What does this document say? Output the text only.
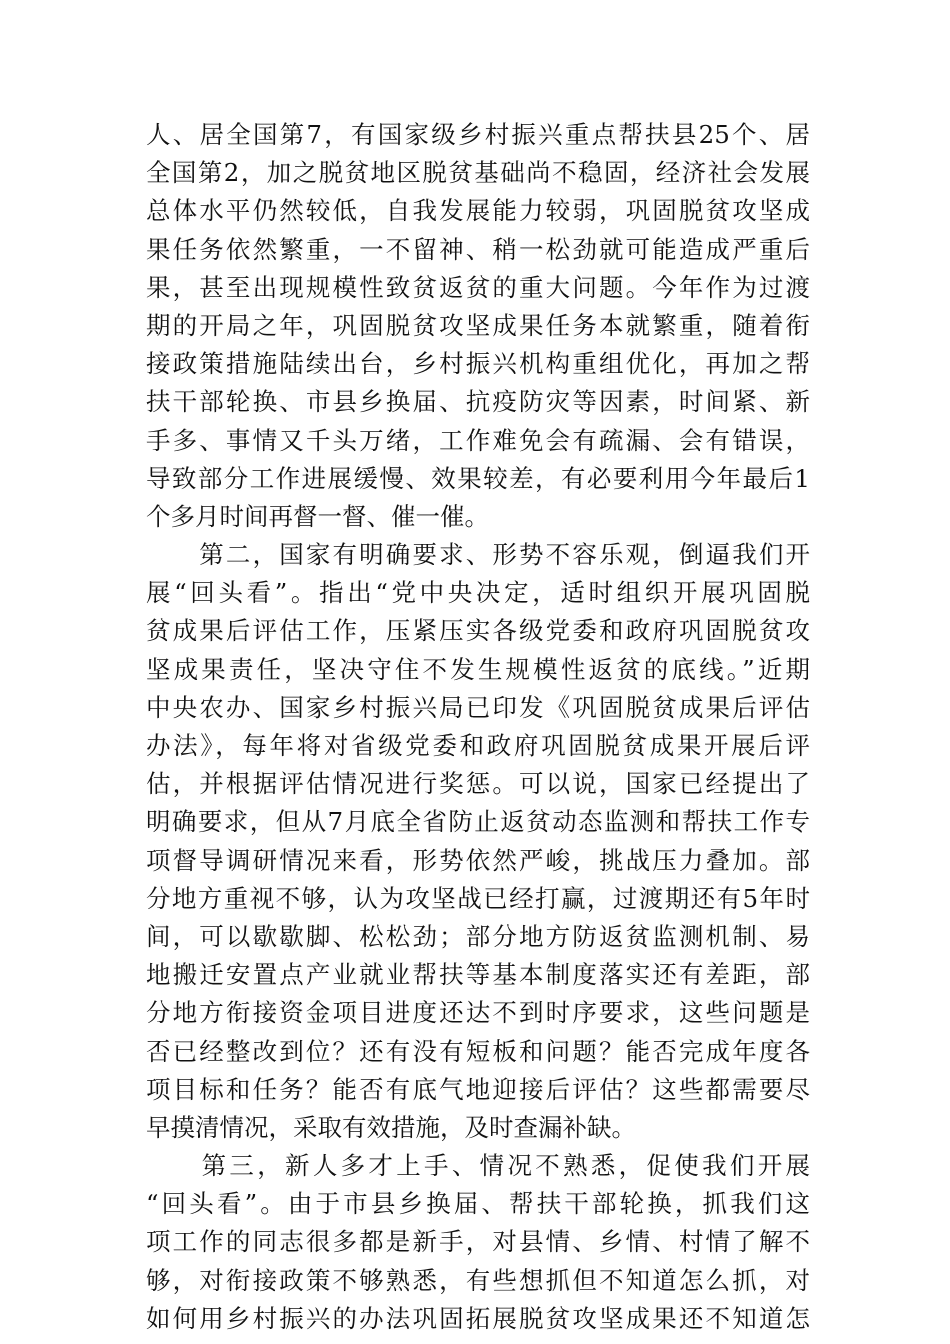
人、居全国第7，有国家级乡村振兴重点帮扶县25个、居
全国第2，加之脱贫地区脱贫基础尚不稳固，经济社会发展
总体水平仍然较低，自我发展能力较弱，巩固脱贫攻坚成
果任务依然繁重，一不留神、稍一松劲就可能造成严重后
果，甚至出现规模性致贫返贫的重大问题。今年作为过渡
期的开局之年，巩固脱贫攻坚成果任务本就繁重，随着衔
接政策措施陆续出台，乡村振兴机构重组优化，再加之帮
扶干部轮换、市县乡换届、抗疫防灾等因素，时间紧、新
手多、事情又千头万绪，工作难免会有疏漏、会有错误，
导致部分工作进展缓慢、效果较差，有必要利用今年最后1
个多月时间再督一督、催一催。
　　第二，国家有明确要求、形势不容乐观，倒逼我们开
展“回头看”。指出“党中央决定，适时组织开展巩固脱
贫成果后评估工作，压紧压实各级党委和政府巩固脱贫攻
坚成果责任，坚决守住不发生规模性返贫的底线。”近期
中央农办、国家乡村振兴局已印发《巩固脱贫成果后评估
办法》，每年将对省级党委和政府巩固脱贫成果开展后评
估，并根据评估情况进行奖惩。可以说，国家已经提出了
明确要求，但从7月底全省防止返贫动态监测和帮扶工作专
项督导调研情况来看，形势依然严峻，挑战压力叠加。部
分地方重视不够，认为攻坚战已经打赢，过渡期还有5年时
间，可以歇歇脚、松松劲；部分地方防返贫监测机制、易
地搬迁安置点产业就业帮扶等基本制度落实还有差距，部
分地方衔接资金项目进度还达不到时序要求，这些问题是
否已经整改到位？还有没有短板和问题？能否完成年度各
项目标和任务？能否有底气地迎接后评估？这些都需要尽
早摸清情况，采取有效措施，及时查漏补缺。
　　第三，新人多才上手、情况不熟悉，促使我们开展
“回头看”。由于市县乡换届、帮扶干部轮换，抓我们这
项工作的同志很多都是新手，对县情、乡情、村情了解不
够，对衔接政策不够熟悉，有些想抓但不知道怎么抓，对
如何用乡村振兴的办法巩固拓展脱贫攻坚成果还不知道怎
